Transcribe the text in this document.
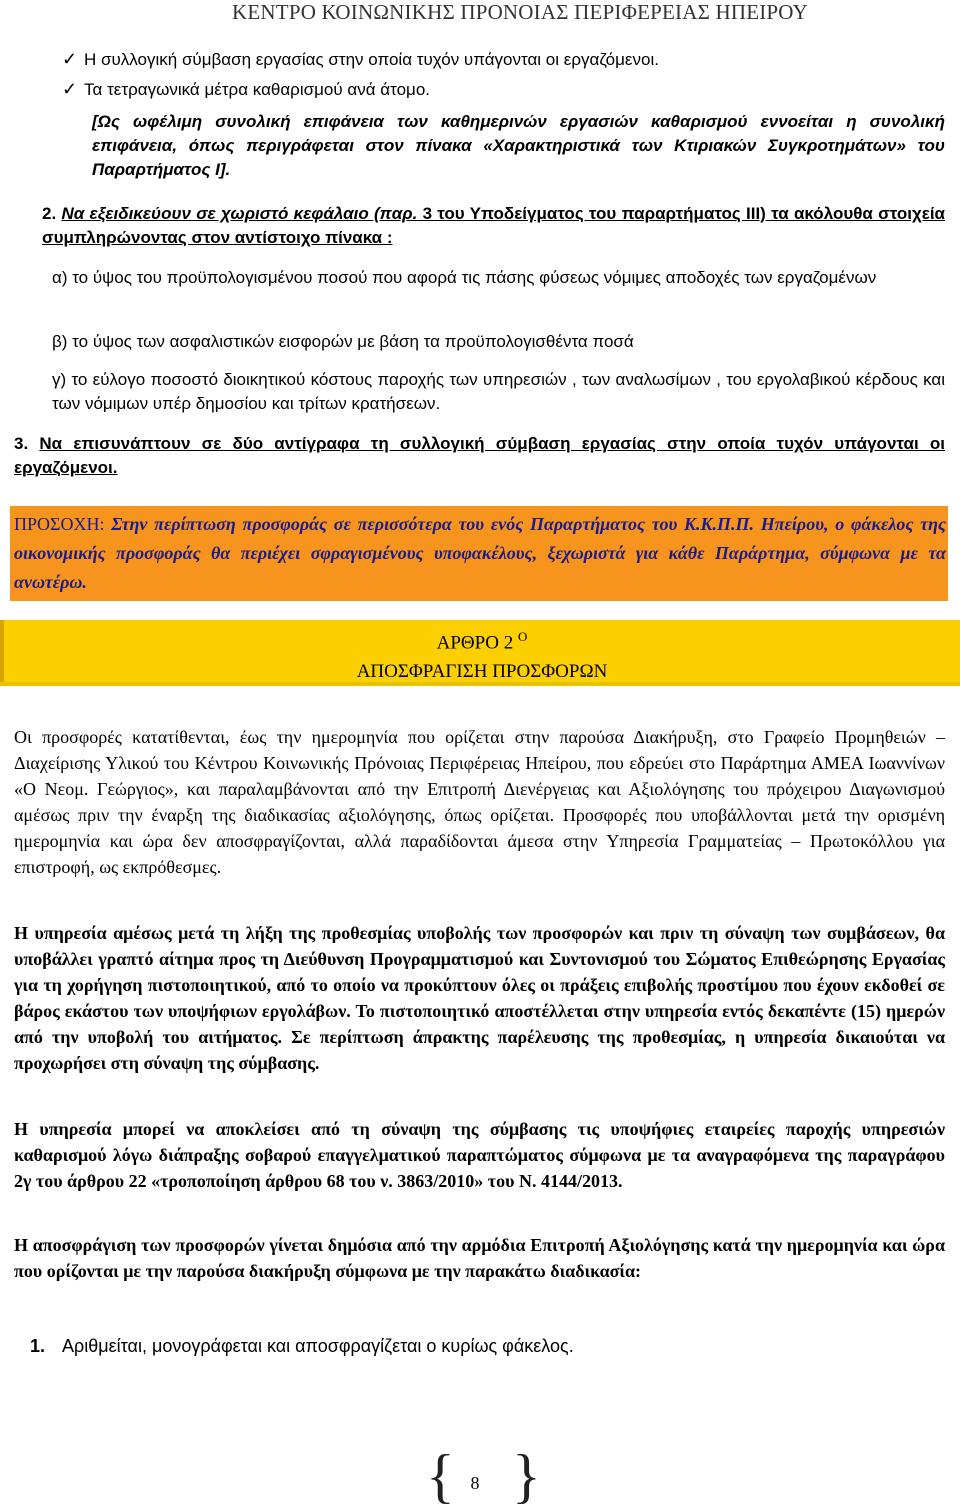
ΚΕΝΤΡΟ ΚΟΙΝΩΝΙΚΗΣ ΠΡΟΝΟΙΑΣ ΠΕΡΙΦΕΡΕΙΑΣ ΗΠΕΙΡΟΥ
✓ Η συλλογική σύμβαση εργασίας στην οποία τυχόν υπάγονται οι εργαζόμενοι.
✓ Τα τετραγωνικά μέτρα καθαρισμού ανά άτομο.
[Ως ωφέλιμη συνολική επιφάνεια των καθημερινών εργασιών καθαρισμού εννοείται η συνολική επιφάνεια, όπως περιγράφεται στον πίνακα «Χαρακτηριστικά των Κτιριακών Συγκροτημάτων» του Παραρτήματος Ι].
2. Να εξειδικεύουν σε χωριστό κεφάλαιο (παρ. 3 του Υποδείγματος του παραρτήματος ΙΙΙ) τα ακόλουθα στοιχεία συμπληρώνοντας στον αντίστοιχο πίνακα :
α) το ύψος του προϋπολογισμένου ποσού που αφορά τις πάσης φύσεως νόμιμες αποδοχές των εργαζομένων
β) το ύψος των ασφαλιστικών εισφορών με βάση τα προϋπολογισθέντα ποσά
γ) το εύλογο ποσοστό διοικητικού κόστους παροχής των υπηρεσιών , των αναλωσίμων , του εργολαβικού κέρδους και των νόμιμων υπέρ δημοσίου και τρίτων κρατήσεων.
3. Να επισυνάπτουν σε δύο αντίγραφα τη συλλογική σύμβαση εργασίας στην οποία τυχόν υπάγονται οι εργαζόμενοι.
ΠΡΟΣΟΧΗ: Στην περίπτωση προσφοράς σε περισσότερα του ενός Παραρτήματος του Κ.Κ.Π.Π. Ηπείρου, ο φάκελος της οικονομικής προσφοράς θα περιέχει σφραγισμένους υποφακέλους, ξεχωριστά για κάθε Παράρτημα, σύμφωνα με τα ανωτέρω.
ΑΡΘΡΟ 2 $^O$
ΑΠΟΣΦΡΑΓΙΣΗ ΠΡΟΣΦΟΡΩΝ
Οι προσφορές κατατίθενται, έως την ημερομηνία που ορίζεται στην παρούσα Διακήρυξη, στο Γραφείο Προμηθειών – Διαχείρισης Υλικού του Κέντρου Κοινωνικής Πρόνοιας Περιφέρειας Ηπείρου, που εδρεύει στο Παράρτημα ΑΜΕΑ Ιωαννίνων «Ο Νεομ. Γεώργιος», και παραλαμβάνονται από την Επιτροπή Διενέργειας και Αξιολόγησης του πρόχειρου Διαγωνισμού αμέσως πριν την έναρξη της διαδικασίας αξιολόγησης, όπως ορίζεται. Προσφορές που υποβάλλονται μετά την ορισμένη ημερομηνία και ώρα δεν αποσφραγίζονται, αλλά παραδίδονται άμεσα στην Υπηρεσία Γραμματείας – Πρωτοκόλλου για επιστροφή, ως εκπρόθεσμες.
Η υπηρεσία αμέσως μετά τη λήξη της προθεσμίας υποβολής των προσφορών και πριν τη σύναψη των συμβάσεων, θα υποβάλλει γραπτό αίτημα προς τη Διεύθυνση Προγραμματισμού και Συντονισμού του Σώματος Επιθεώρησης Εργασίας για τη χορήγηση πιστοποιητικού, από το οποίο να προκύπτουν όλες οι πράξεις επιβολής προστίμου που έχουν εκδοθεί σε βάρος εκάστου των υποψήφιων εργολάβων. Το πιστοποιητικό αποστέλλεται στην υπηρεσία εντός δεκαπέντε (15) ημερών από την υποβολή του αιτήματος. Σε περίπτωση άπρακτης παρέλευσης της προθεσμίας, η υπηρεσία δικαιούται να προχωρήσει στη σύναψη της σύμβασης.
Η υπηρεσία μπορεί να αποκλείσει από τη σύναψη της σύμβασης τις υποψήφιες εταιρείες παροχής υπηρεσιών καθαρισμού λόγω διάπραξης σοβαρού επαγγελματικού παραπτώματος σύμφωνα με τα αναγραφόμενα της παραγράφου 2γ του άρθρου 22 «τροποποίηση άρθρου 68 του ν. 3863/2010» του Ν. 4144/2013.
Η αποσφράγιση των προσφορών γίνεται δημόσια από την αρμόδια Επιτροπή Αξιολόγησης κατά την ημερομηνία και ώρα που ορίζονται με την παρούσα διακήρυξη σύμφωνα με την παρακάτω διαδικασία:
1. Αριθμείται, μονογράφεται και αποσφραγίζεται ο κυρίως φάκελος.
{ 8 }
